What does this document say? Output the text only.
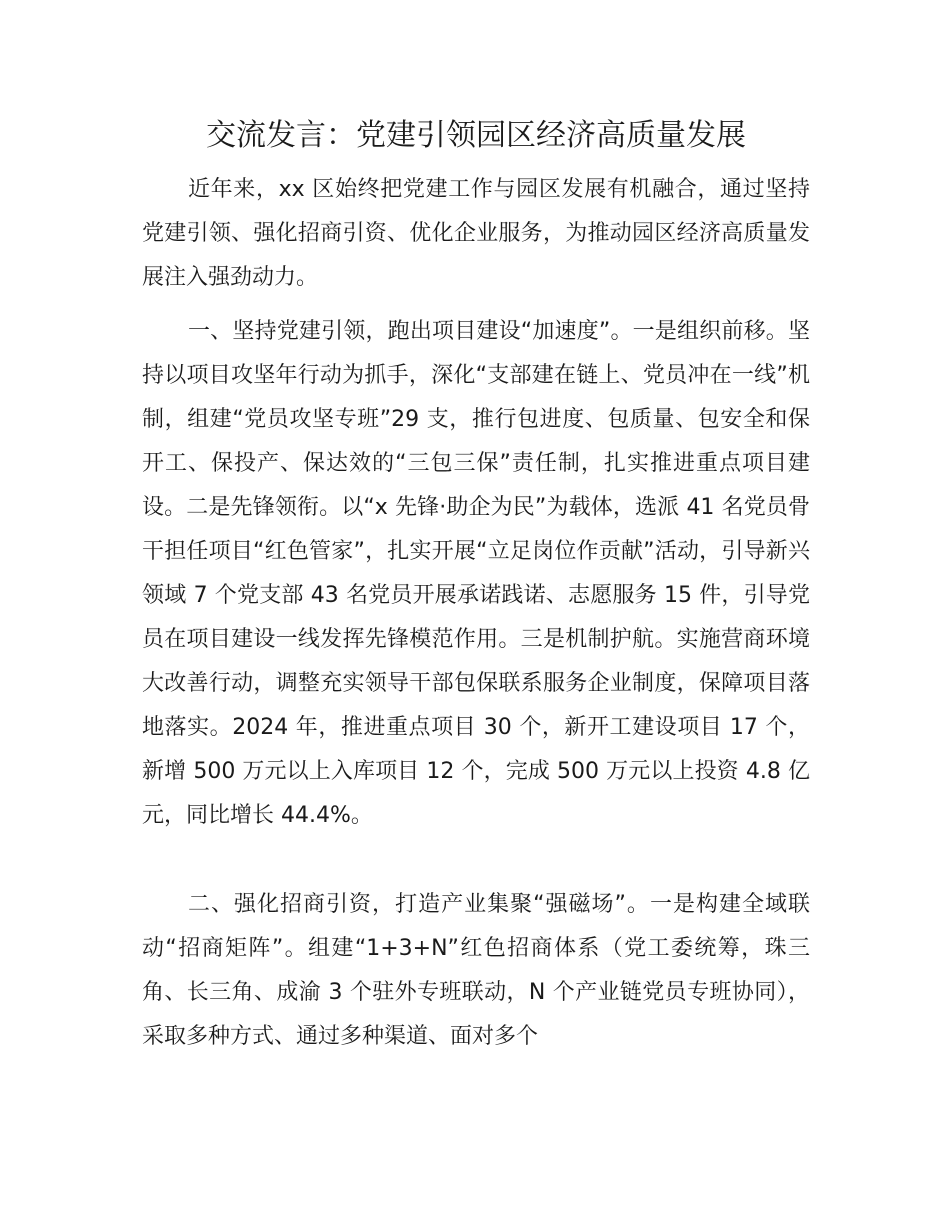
交流发言：党建引领园区经济高质量发展

近年来，xx 区始终把党建工作与园区发展有机融合，通过坚持党建引领、强化招商引资、优化企业服务，为推动园区经济高质量发展注入强劲动力。

一、坚持党建引领，跑出项目建设“加速度”。一是组织前移。坚持以项目攻坚年行动为抓手，深化“支部建在链上、党员冲在一线”机制，组建“党员攻坚专班”29 支，推行包进度、包质量、包安全和保开工、保投产、保达效的“三包三保”责任制，扎实推进重点项目建设。二是先锋领衔。以“x 先锋·助企为民”为载体，选派 41 名党员骨干担任项目“红色管家”，扎实开展“立足岗位作贡献”活动，引导新兴领域 7 个党支部 43 名党员开展承诺践诺、志愿服务 15 件，引导党员在项目建设一线发挥先锋模范作用。三是机制护航。实施营商环境大改善行动，调整充实领导干部包保联系服务企业制度，保障项目落地落实。2024 年，推进重点项目 30 个，新开工建设项目 17 个，新增 500 万元以上入库项目 12 个，完成 500 万元以上投资 4.8 亿元，同比增长 44.4%。

二、强化招商引资，打造产业集聚“强磁场”。一是构建全域联动“招商矩阵”。组建“1+3+N”红色招商体系（党工委统筹，珠三角、长三角、成渝 3 个驻外专班联动，N 个产业链党员专班协同），采取多种方式、通过多种渠道、面对多个
